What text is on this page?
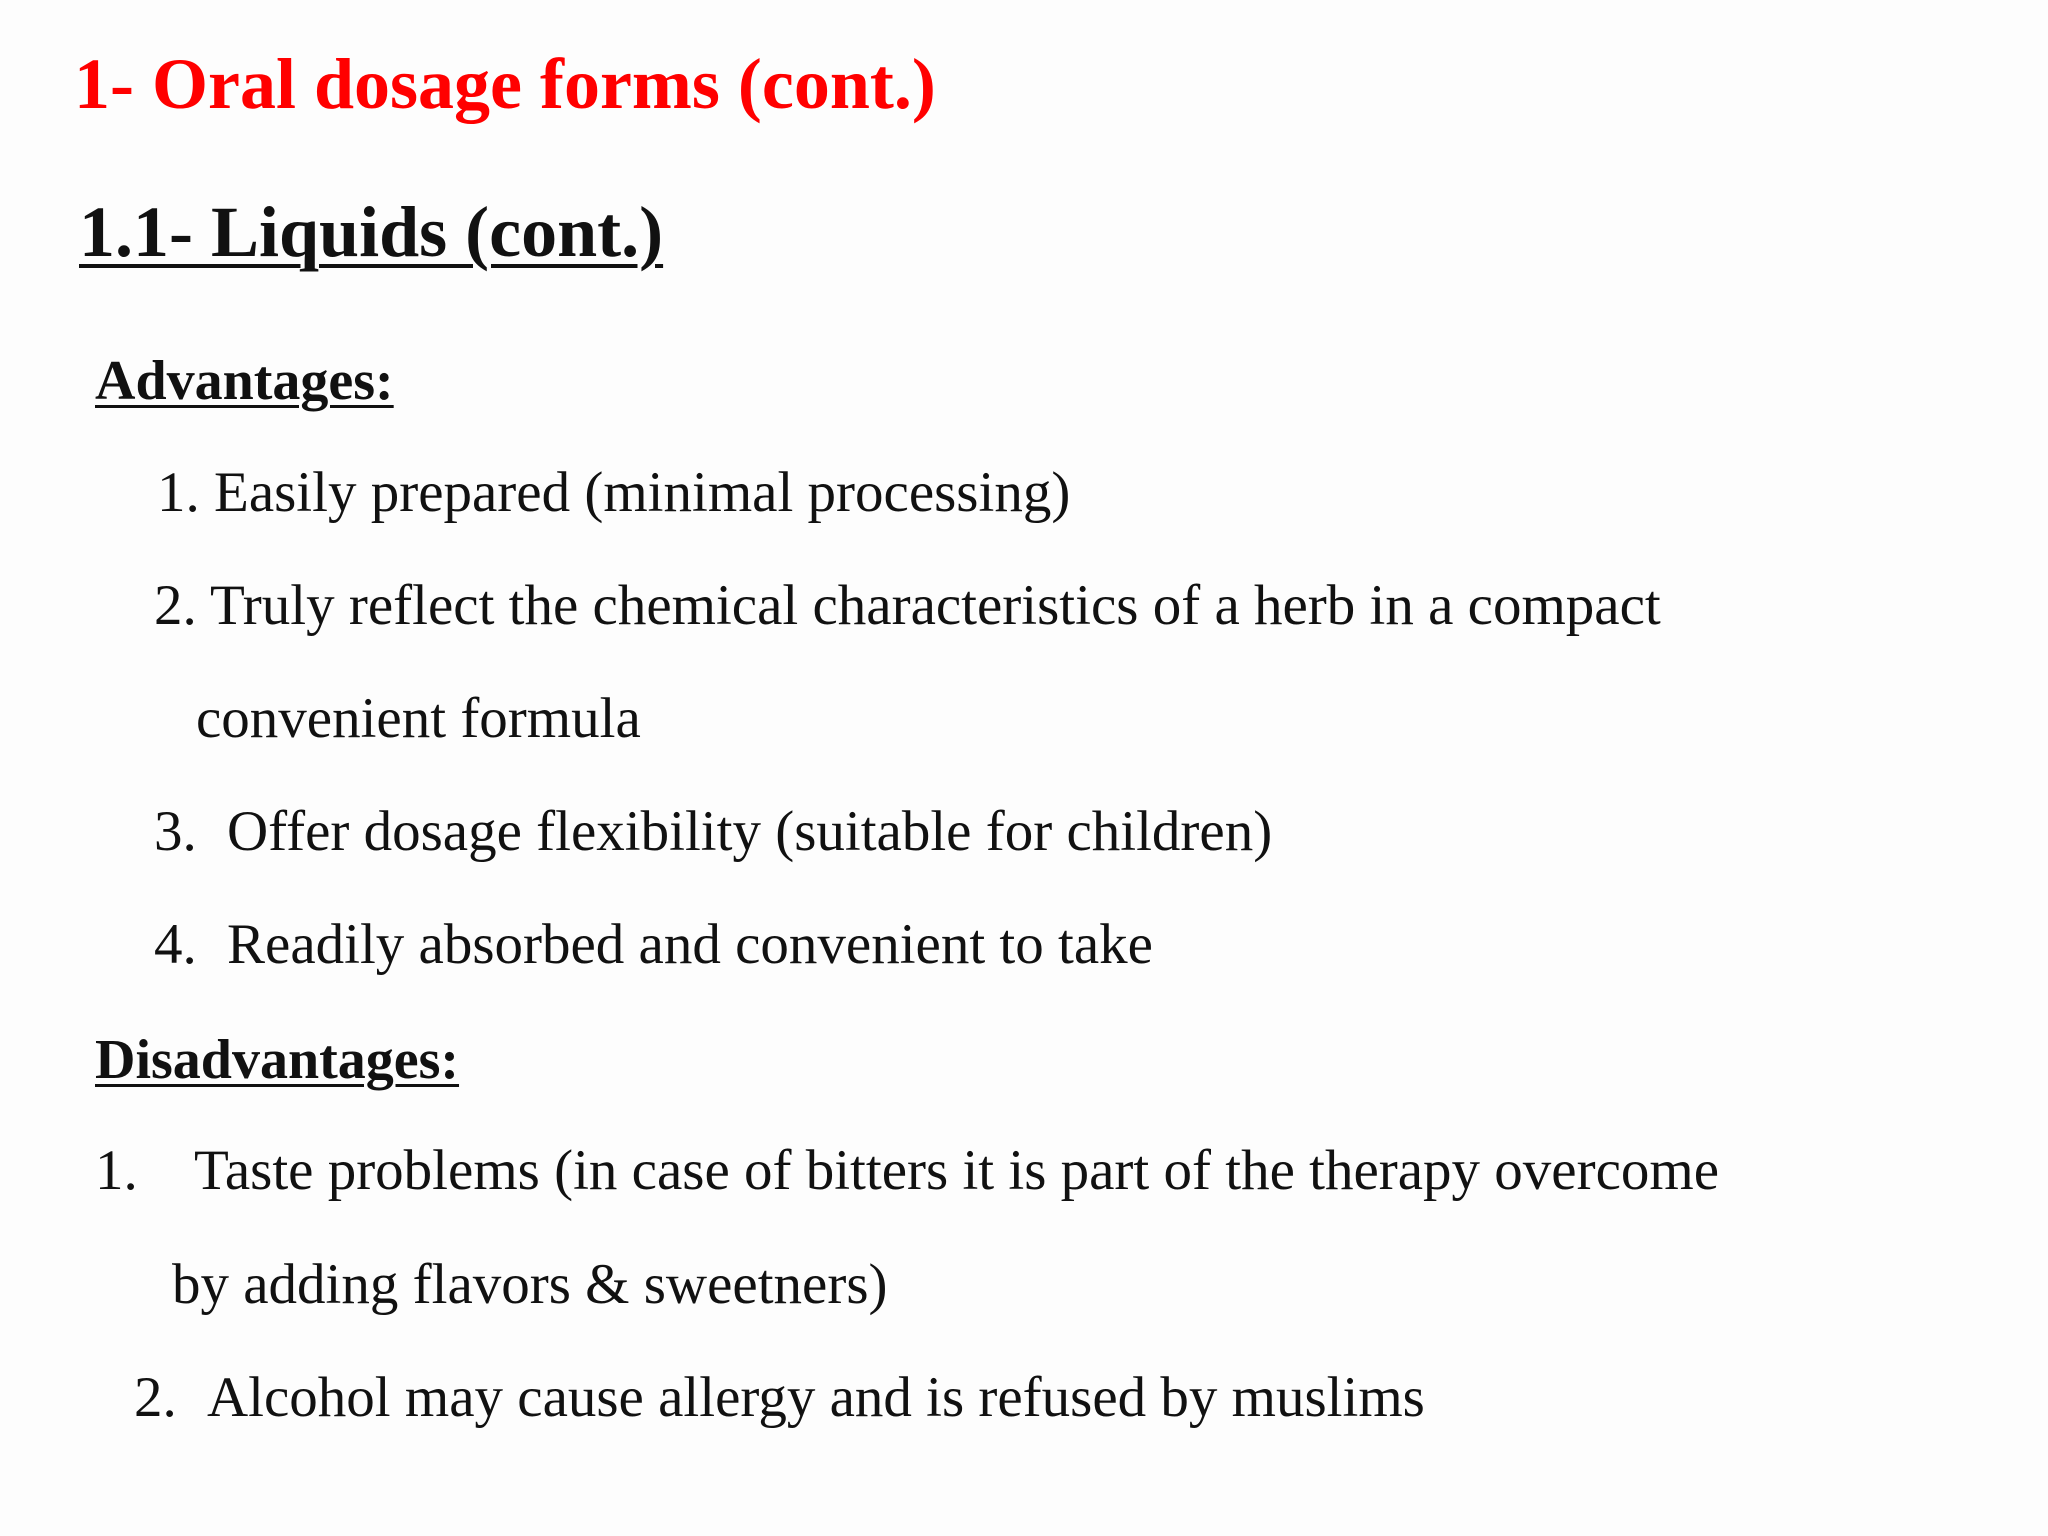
1- Oral dosage forms (cont.)
1.1- Liquids (cont.)
Advantages:
1. Easily prepared (minimal processing)
2. Truly reflect the chemical characteristics of a herb in a compact
convenient formula
3. Offer dosage flexibility (suitable for children)
4. Readily absorbed and convenient to take
Disadvantages:
1. Taste problems (in case of bitters it is part of the therapy overcome
by adding flavors & sweetners)
2. Alcohol may cause allergy and is refused by muslims
